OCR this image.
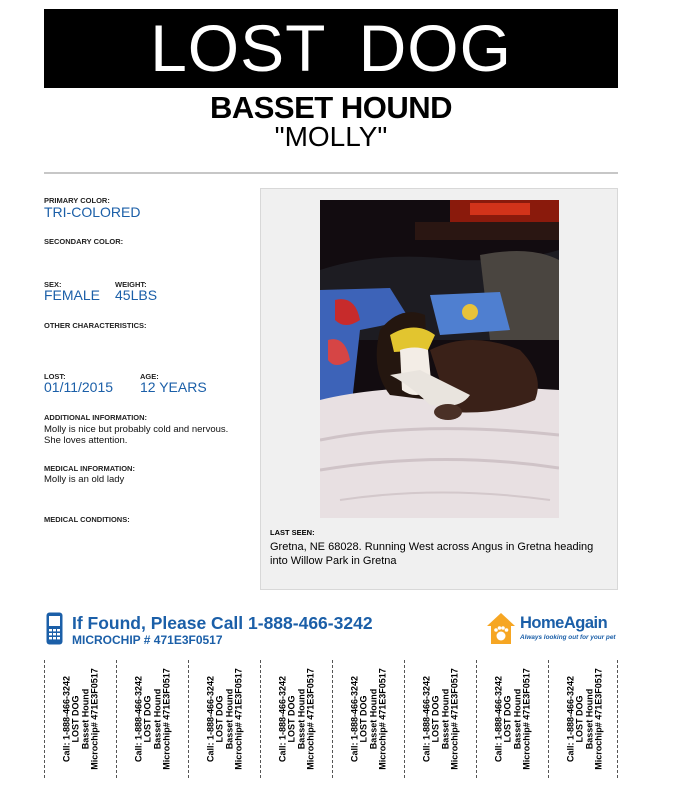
LOST DOG
BASSET HOUND
"MOLLY"
PRIMARY COLOR:
TRI-COLORED
SECONDARY COLOR:
SEX:
FEMALE
WEIGHT:
45LBS
OTHER CHARACTERISTICS:
LOST:
01/11/2015
AGE:
12 YEARS
ADDITIONAL INFORMATION:
Molly is nice but probably cold and nervous. She loves attention.
MEDICAL INFORMATION:
Molly is an old lady
MEDICAL CONDITIONS:
LAST SEEN:
Gretna, NE 68028. Running West across Angus in Gretna heading into Willow Park in Gretna
If Found, Please Call 1-888-466-3242
MICROCHIP # 471E3F0517
HomeAgain
Always looking out for your pet
Call: 1-888-466-3242 LOST DOG Basset Hound Microchip# 471E3F0517	Call: 1-888-466-3242 LOST DOG Basset Hound Microchip# 471E3F0517	Call: 1-888-466-3242 LOST DOG Basset Hound Microchip# 471E3F0517	Call: 1-888-466-3242 LOST DOG Basset Hound Microchip# 471E3F0517	Call: 1-888-466-3242 LOST DOG Basset Hound Microchip# 471E3F0517	Call: 1-888-466-3242 LOST DOG Basset Hound Microchip# 471E3F0517	Call: 1-888-466-3242 LOST DOG Basset Hound Microchip# 471E3F0517	Call: 1-888-466-3242 LOST DOG Basset Hound Microchip# 471E3F0517
